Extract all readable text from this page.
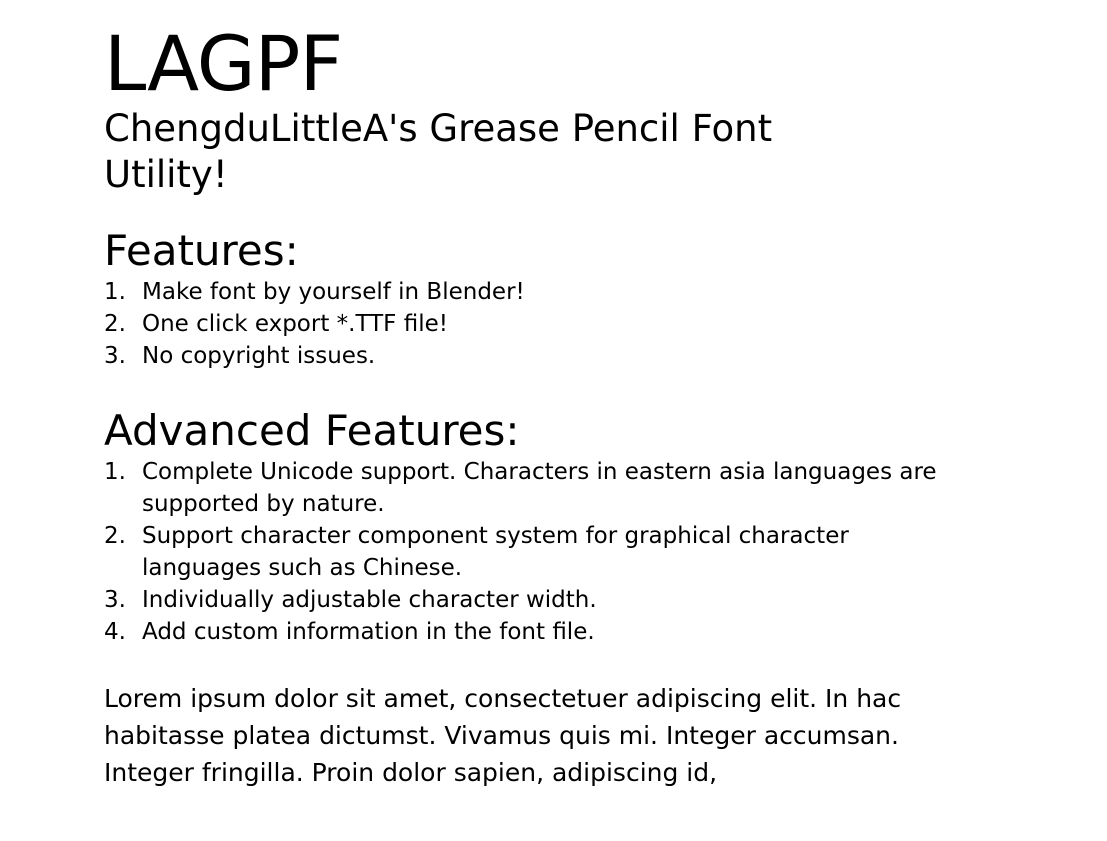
LAGPF

ChengduLittleA's Grease Pencil Font Utility!

Features:
1. Make font by yourself in Blender!
2. One click export *.TTF file!
3. No copyright issues.
Advanced Features:
1. Complete Unicode support. Characters in eastern asia languages are supported by nature.
2. Support character component system for graphical character languages such as Chinese.
3. Individually adjustable character width.
4. Add custom information in the font file.

Lorem ipsum dolor sit amet, consectetuer adipiscing elit. In hac habitasse platea dictumst. Vivamus quis mi. Integer accumsan. Integer fringilla. Proin dolor sapien, adipiscing id,
